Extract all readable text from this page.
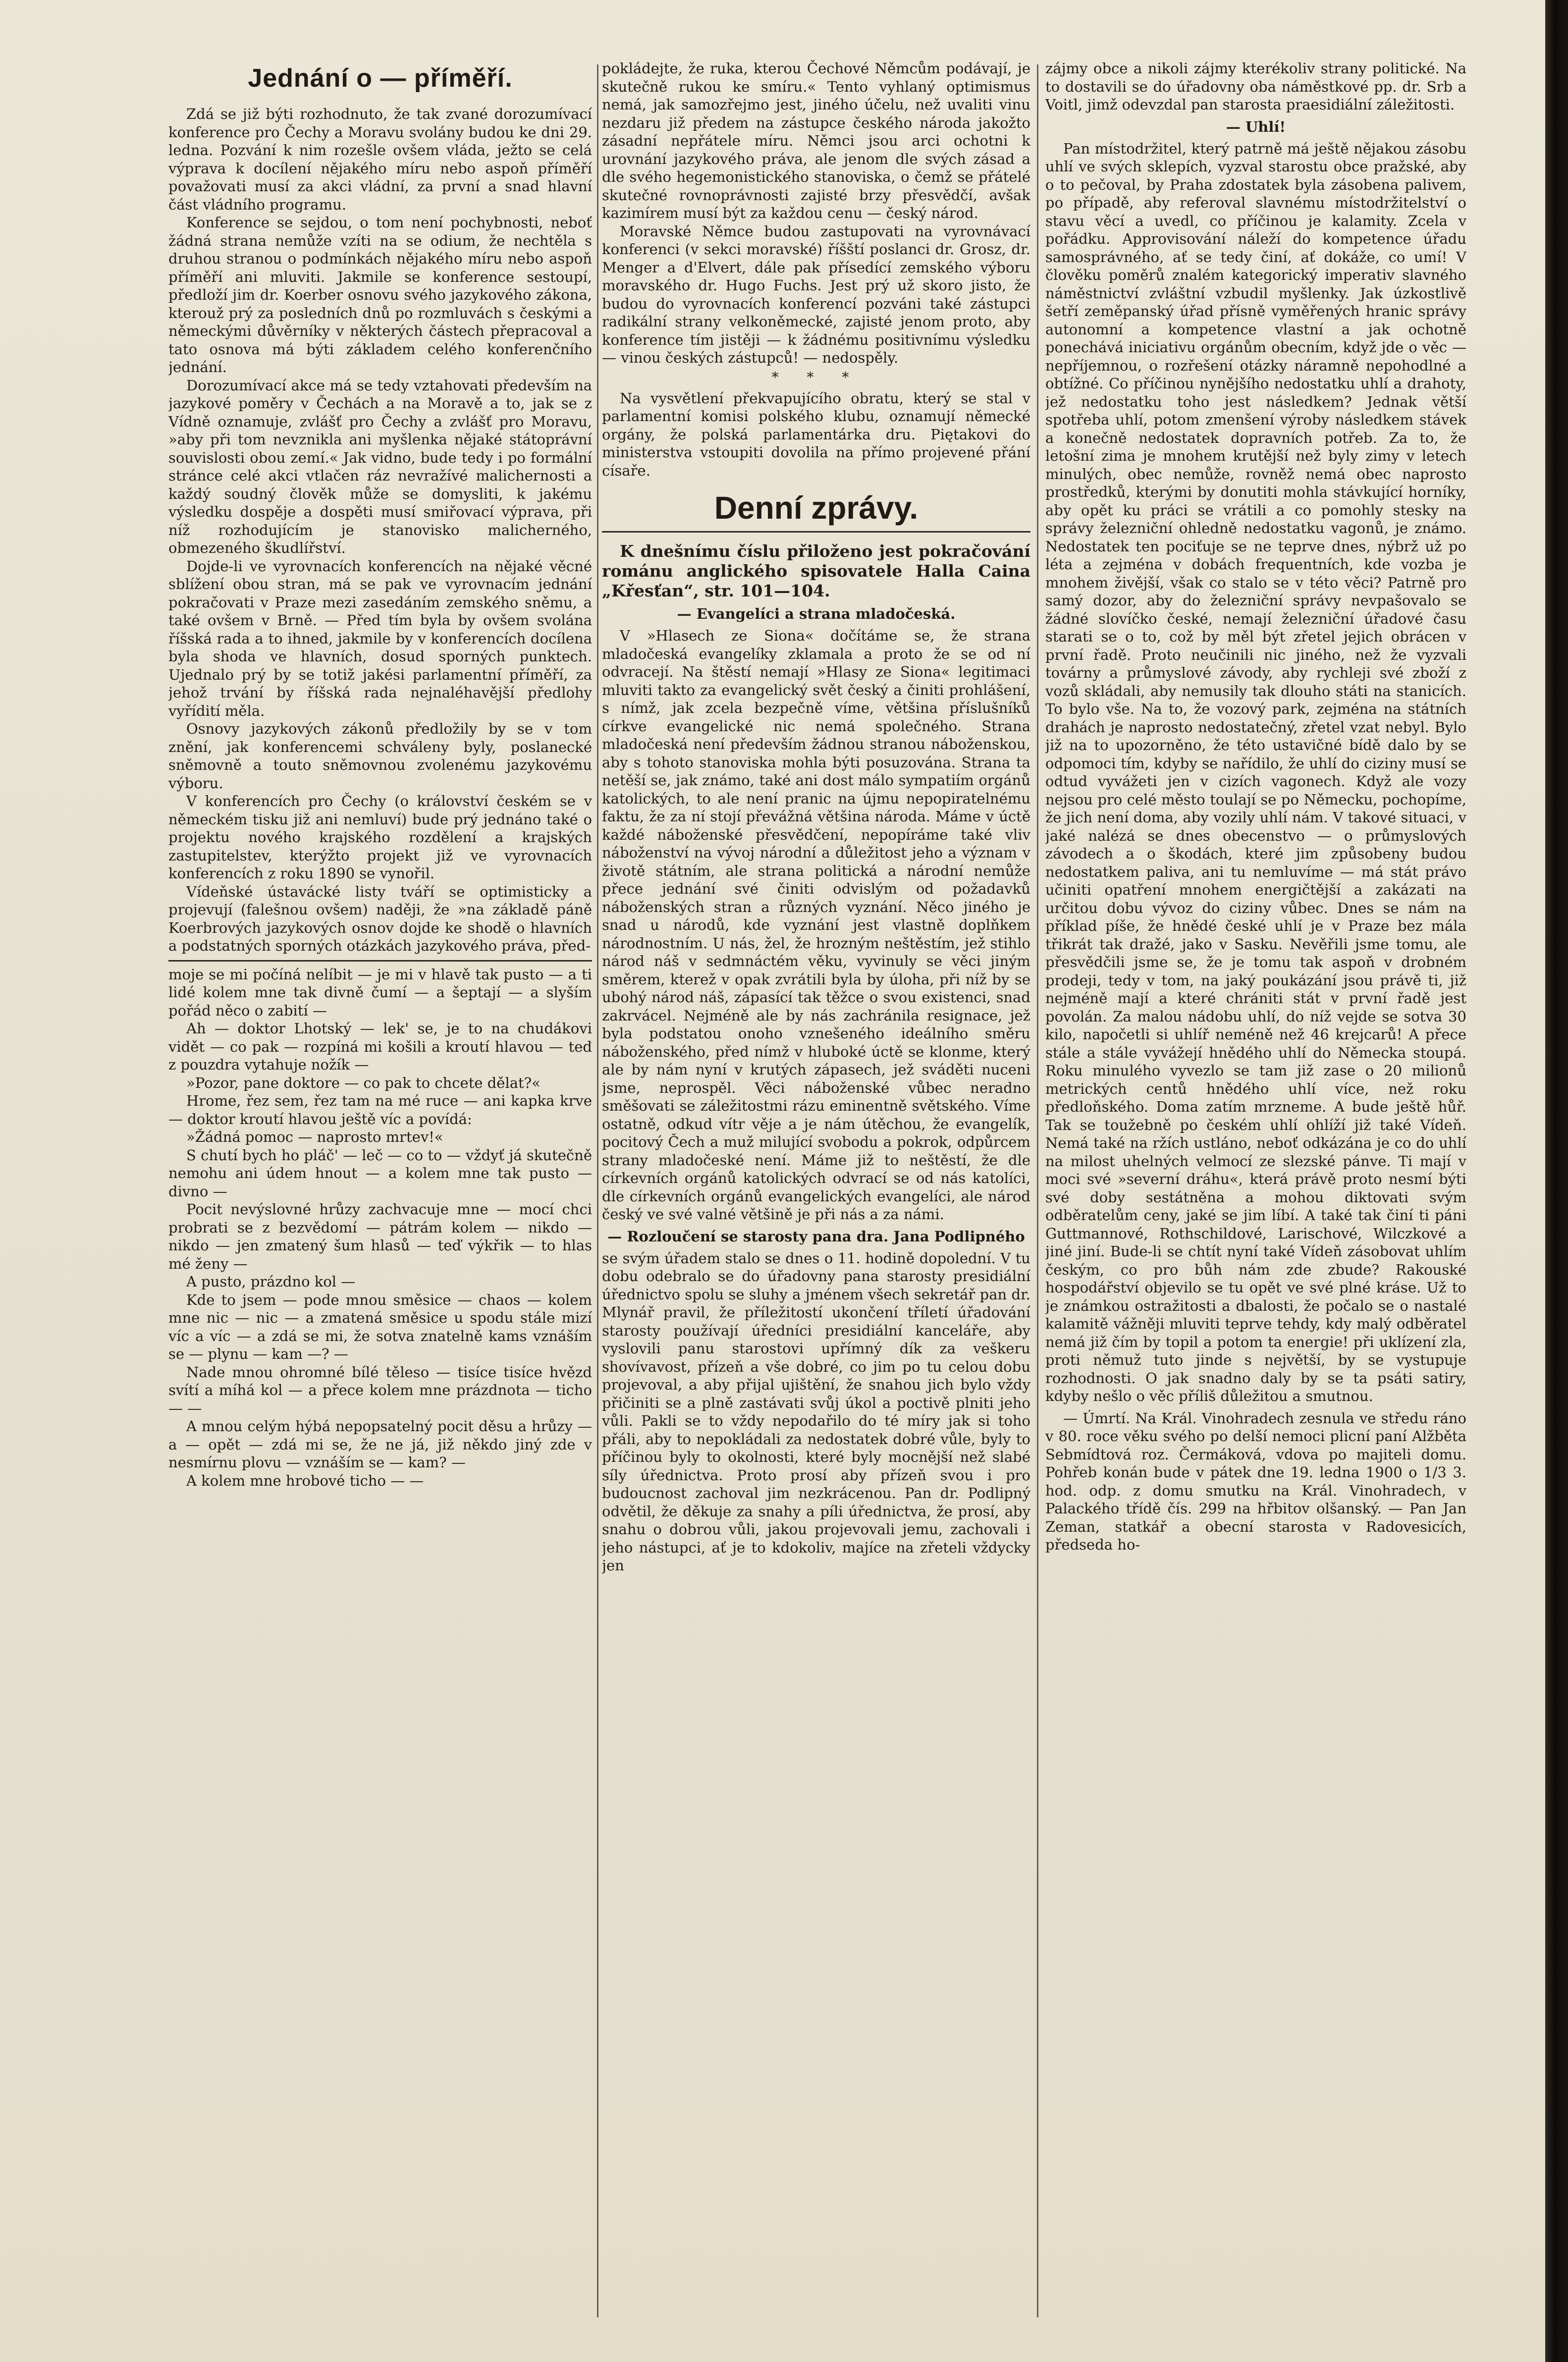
Jednání o — příměří.

Zdá se již býti rozhodnuto, že tak zvané dorozumívací konference pro Čechy a Moravu svolány budou ke dni 29. ledna. Pozvání k nim rozešle ovšem vláda, ježto se celá výprava k docílení nějakého míru nebo aspoň příměří považovati musí za akci vládní, za první a snad hlavní část vládního programu.

Konference se sejdou, o tom není pochybnosti, neboť žádná strana nemůže vzíti na se odium, že nechtěla s druhou stranou o podmínkách nějakého míru nebo aspoň příměří ani mluviti. Jakmile se konference sestoupí, předloží jim dr. Koerber osnovu svého jazykového zákona, kterouž prý za posledních dnů po rozmluvách s českými a německými důvěrníky v některých částech přepracoval a tato osnova má býti základem celého konferenčního jednání.

Dorozumívací akce má se tedy vztahovati především na jazykové poměry v Čechách a na Moravě a to, jak se z Vídně oznamuje, zvlášť pro Čechy a zvlášť pro Moravu, »aby při tom nevznikla ani myšlenka nějaké státoprávní souvislosti obou zemí.« Jak vidno, bude tedy i po formální stránce celé akci vtlačen ráz nevražívé malichernosti a každý soudný člověk může se domysliti, k jakému výsledku dospěje a dospěti musí smiřovací výprava, při níž rozhodujícím je stanovisko malicherného, obmezeného škudlířství.

Dojde-li ve vyrovnacích konferencích na nějaké věcné sblížení obou stran, má se pak ve vyrovnacím jednání pokračovati v Praze mezi zasedáním zemského sněmu, a také ovšem v Brně. — Před tím byla by ovšem svolána říšská rada a to ihned, jakmile by v konferencích docílena byla shoda ve hlavních, dosud sporných punktech. Ujednalo prý by se totiž jakési parlamentní příměří, za jehož trvání by říšská rada nejnaléhavější předlohy vyřídití měla.

Osnovy jazykových zákonů předložily by se v tom znění, jak konferencemi schváleny byly, poslanecké sněmovně a touto sněmovnou zvolenému jazykovému výboru.

V konferencích pro Čechy (o království českém se v německém tisku již ani nemluví) bude prý jednáno také o projektu nového krajského rozdělení a krajských zastupitelstev, kterýžto projekt již ve vyrovnacích konferencích z roku 1890 se vynořil.

Vídeňské ústavácké listy tváří se optimisticky a projevují (falešnou ovšem) naději, že »na základě páně Koerbrových jazykových osnov dojde ke shodě o hlavních a podstatných sporných otázkách jazykového práva, před-

moje se mi počíná nelíbit — je mi v hlavě tak pusto — a ti lidé kolem mne tak divně čumí — a šeptají — a slyším pořád něco o zabití —

Ah — doktor Lhotský — lek' se, je to na chudákovi vidět — co pak — rozpíná mi košili a kroutí hlavou — teď z pouzdra vytahuje nožík —

»Pozor, pane doktore — co pak to chcete dělat?«

Hrome, řez sem, řez tam na mé ruce — ani kapka krve — doktor kroutí hlavou ještě víc a povídá:

»Žádná pomoc — naprosto mrtev!«

S chutí bych ho pláč' — leč — co to — vždyť já skutečně nemohu ani údem hnout — a kolem mne tak pusto — divno —

Pocit nevýslovné hrůzy zachvacuje mne — mocí chci probrati se z bezvědomí — pátrám kolem — nikdo — nikdo — jen zmatený šum hlasů — teď výkřik — to hlas mé ženy —

A pusto, prázdno kol —

Kde to jsem — pode mnou směsice — chaos — kolem mne nic — nic — a zmatená směsice u spodu stále mizí víc a víc — a zdá se mi, že sotva znatelně kams vznáším se — plynu — kam —? —

Nade mnou ohromné bílé těleso — tisíce tisíce hvězd svítí a míhá kol — a přece kolem mne prázdnota — ticho — —

A mnou celým hýbá nepopsatelný pocit děsu a hrůzy — a — opět — zdá mi se, že ne já, již někdo jiný zde v nesmírnu plovu — vznáším se — kam? —

A kolem mne hrobové ticho — —

pokládejte, že ruka, kterou Čechové Němcům podávají, je skutečně rukou ke smíru.« Tento vyhlaný optimismus nemá, jak samozřejmo jest, jiného účelu, než uvaliti vinu nezdaru již předem na zástupce českého národa jakožto zásadní nepřátele míru. Němci jsou arci ochotni k urovnání jazykového práva, ale jenom dle svých zásad a dle svého hegemonistického stanoviska, o čemž se přátelé skutečné rovnoprávnosti zajisté brzy přesvědčí, avšak kazimírem musí být za každou cenu — český národ.

Moravské Němce budou zastupovati na vyrovnávací konferenci (v sekci moravské) říšští poslanci dr. Grosz, dr. Menger a d'Elvert, dále pak přísedící zemského výboru moravského dr. Hugo Fuchs. Jest prý už skoro jisto, že budou do vyrovnacích konferencí pozváni také zástupci radikální strany velkoněmecké, zajisté jenom proto, aby konference tím jistěji — k žádnému positivnímu výsledku — vinou českých zástupců! — nedospěly.

* * *

Na vysvětlení překvapujícího obratu, který se stal v parlamentní komisi polského klubu, oznamují německé orgány, že polská parlamentárka dru. Piętakovi do ministerstva vstoupiti dovolila na přímo projevené přání císaře.

Denní zprávy.

K dnešnímu číslu přiloženo jest pokračování románu anglického spisovatele Halla Caina „Křesťan“, str. 101—104.

— Evangelíci a strana mladočeská.

V »Hlasech ze Siona« dočítáme se, že strana mladočeská evangelíky zklamala a proto že se od ní odvracejí. Na štěstí nemají »Hlasy ze Siona« legitimaci mluviti takto za evangelický svět český a činiti prohlášení, s nímž, jak zcela bezpečně víme, většina příslušníků církve evangelické nic nemá společného. Strana mladočeská není především žádnou stranou náboženskou, aby s tohoto stanoviska mohla býti posuzována. Strana ta netěší se, jak známo, také ani dost málo sympatiím orgánů katolických, to ale není pranic na újmu nepopiratelnému faktu, že za ní stojí převážná většina národa. Máme v úctě každé náboženské přesvědčení, nepopíráme také vliv náboženství na vývoj národní a důležitost jeho a význam v životě státním, ale strana politická a národní nemůže přece jednání své činiti odvislým od požadavků náboženských stran a různých vyznání. Něco jiného je snad u národů, kde vyznání jest vlastně doplňkem národnostním. U nás, žel, že hrozným neštěstím, jež stihlo národ náš v sedmnáctém věku, vyvinuly se věci jiným směrem, kterež v opak zvrátili byla by úloha, při níž by se ubohý národ náš, zápasící tak těžce o svou existenci, snad zakrvácel. Nejméně ale by nás zachránila resignace, jež byla podstatou onoho vznešeného ideálního směru náboženského, před nímž v hluboké úctě se klonme, který ale by nám nyní v krutých zápasech, jež sváděti nuceni jsme, neprospěl. Věci náboženské vůbec neradno směšovati se záležitostmi rázu eminentně světského. Víme ostatně, odkud vítr věje a je nám útěchou, že evangelík, pocitový Čech a muž milující svobodu a pokrok, odpůrcem strany mladočeské není. Máme již to neštěstí, že dle církevních orgánů katolických odvrací se od nás katolíci, dle církevních orgánů evangelických evangelíci, ale národ český ve své valné většině je při nás a za námi.

— Rozloučení se starosty pana dra. Jana Podlipného

se svým úřadem stalo se dnes o 11. hodině dopolední. V tu dobu odebralo se do úřadovny pana starosty presidiální úřednictvo spolu se sluhy a jménem všech sekretář pan dr. Mlynář pravil, že příležitostí ukončení tříletí úřadování starosty používají úředníci presidiální kanceláře, aby vyslovili panu starostovi upřímný dík za veškeru shovívavost, přízeň a vše dobré, co jim po tu celou dobu projevoval, a aby přijal ujištění, že snahou jich bylo vždy přičiniti se a plně zastávati svůj úkol a poctivě plniti jeho vůli. Pakli se to vždy nepodařilo do té míry jak si toho přáli, aby to nepokládali za nedostatek dobré vůle, byly to příčinou byly to okolnosti, které byly mocnější než slabé síly úřednictva. Proto prosí aby přízeň svou i pro budoucnost zachoval jim nezkrácenou. Pan dr. Podlipný odvětil, že děkuje za snahy a píli úřednictva, že prosí, aby snahu o dobrou vůli, jakou projevovali jemu, zachovali i jeho nástupci, ať je to kdokoliv, majíce na zřeteli vždycky jen

zájmy obce a nikoli zájmy kterékoliv strany politické. Na to dostavili se do úřadovny oba náměstkové pp. dr. Srb a Voitl, jimž odevzdal pan starosta praesidiální záležitosti.

— Uhlí!

Pan místodržitel, který patrně má ještě nějakou zásobu uhlí ve svých sklepích, vyzval starostu obce pražské, aby o to pečoval, by Praha zdostatek byla zásobena palivem, po případě, aby referoval slavnému místodržitelství o stavu věcí a uvedl, co příčinou je kalamity. Zcela v pořádku. Approvisování náleží do kompetence úřadu samosprávného, ať se tedy činí, ať dokáže, co umí! V člověku poměrů znalém kategorický imperativ slavného náměstnictví zvláštní vzbudil myšlenky. Jak úzkostlivě šetří zeměpanský úřad přísně vyměřených hranic správy autonomní a kompetence vlastní a jak ochotně ponechává iniciativu orgánům obecním, když jde o věc — nepříjemnou, o rozřešení otázky náramně nepohodlné a obtížné. Co příčinou nynějšího nedostatku uhlí a drahoty, jež nedostatku toho jest následkem? Jednak větší spotřeba uhlí, potom zmenšení výroby následkem stávek a konečně nedostatek dopravních potřeb. Za to, že letošní zima je mnohem krutější než byly zimy v letech minulých, obec nemůže, rovněž nemá obec naprosto prostředků, kterými by donutiti mohla stávkující horníky, aby opět ku práci se vrátili a co pomohly stesky na správy železniční ohledně nedostatku vagonů, je známo. Nedostatek ten pociťuje se ne teprve dnes, nýbrž už po léta a zejména v dobách frequentních, kde vozba je mnohem živější, však co stalo se v této věci? Patrně pro samý dozor, aby do železniční správy nevpašovalo se žádné slovíčko české, nemají železniční úřadové času starati se o to, což by měl být zřetel jejich obrácen v první řadě. Proto neučinili nic jiného, než že vyzvali továrny a průmyslové závody, aby rychleji své zboží z vozů skládali, aby nemusily tak dlouho státi na stanicích. To bylo vše. Na to, že vozový park, zejména na státních drahách je naprosto nedostatečný, zřetel vzat nebyl. Bylo již na to upozorněno, že této ustavičné bídě dalo by se odpomoci tím, kdyby se nařídilo, že uhlí do ciziny musí se odtud vyvážeti jen v cizích vagonech. Když ale vozy nejsou pro celé město toulají se po Německu, pochopíme, že jich není doma, aby vozily uhlí nám. V takové situaci, v jaké nalézá se dnes obecenstvo — o průmyslových závodech a o škodách, které jim způsobeny budou nedostatkem paliva, ani tu nemluvíme — má stát právo učiniti opatření mnohem energičtější a zakázati na určitou dobu vývoz do ciziny vůbec. Dnes se nám na příklad píše, že hnědé české uhlí je v Praze bez mála třikrát tak dražé, jako v Sasku. Nevěřili jsme tomu, ale přesvědčili jsme se, že je tomu tak aspoň v drobném prodeji, tedy v tom, na jaký poukázání jsou právě ti, již nejméně mají a které chrániti stát v první řadě jest povolán. Za malou nádobu uhlí, do níž vejde se sotva 30 kilo, napočetli si uhlíř neméně než 46 krejcarů! A přece stále a stále vyvážejí hnědého uhlí do Německa stoupá. Roku minulého vyvezlo se tam již zase o 20 milionů metrických centů hnědého uhlí více, než roku předloňského. Doma zatím mrzneme. A bude ještě hůř. Tak se toužebně po českém uhlí ohlíží již také Vídeň. Nemá také na ržích ustláno, neboť odkázána je co do uhlí na milost uhelných velmocí ze slezské pánve. Ti mají v moci své »severní dráhu«, která právě proto nesmí býti své doby sestátněna a mohou diktovati svým odběratelům ceny, jaké se jim líbí. A také tak činí ti páni Guttmannové, Rothschildové, Larischové, Wilczkové a jiné jiní. Bude-li se chtít nyní také Vídeň zásobovat uhlím českým, co pro bůh nám zde zbude? Rakouské hospodářství objevilo se tu opět ve své plné kráse. Už to je známkou ostražitosti a dbalosti, že počalo se o nastalé kalamitě vážněji mluviti teprve tehdy, kdy malý odběratel nemá již čím by topil a potom ta energie! při uklízení zla, proti němuž tuto jinde s největší, by se vystupuje rozhodnosti. O jak snadno daly by se ta psáti satiry, kdyby nešlo o věc příliš důležitou a smutnou.

— Úmrtí. Na Král. Vinohradech zesnula ve středu ráno v 80. roce věku svého po delší nemoci plicní paní Alžběta Sebmídtová roz. Čermáková, vdova po majiteli domu. Pohřeb konán bude v pátek dne 19. ledna 1900 o 1/3 3. hod. odp. z domu smutku na Král. Vinohradech, v Palackého třídě čís. 299 na hřbitov olšanský. — Pan Jan Zeman, statkář a obecní starosta v Radovesicích, předseda ho-
